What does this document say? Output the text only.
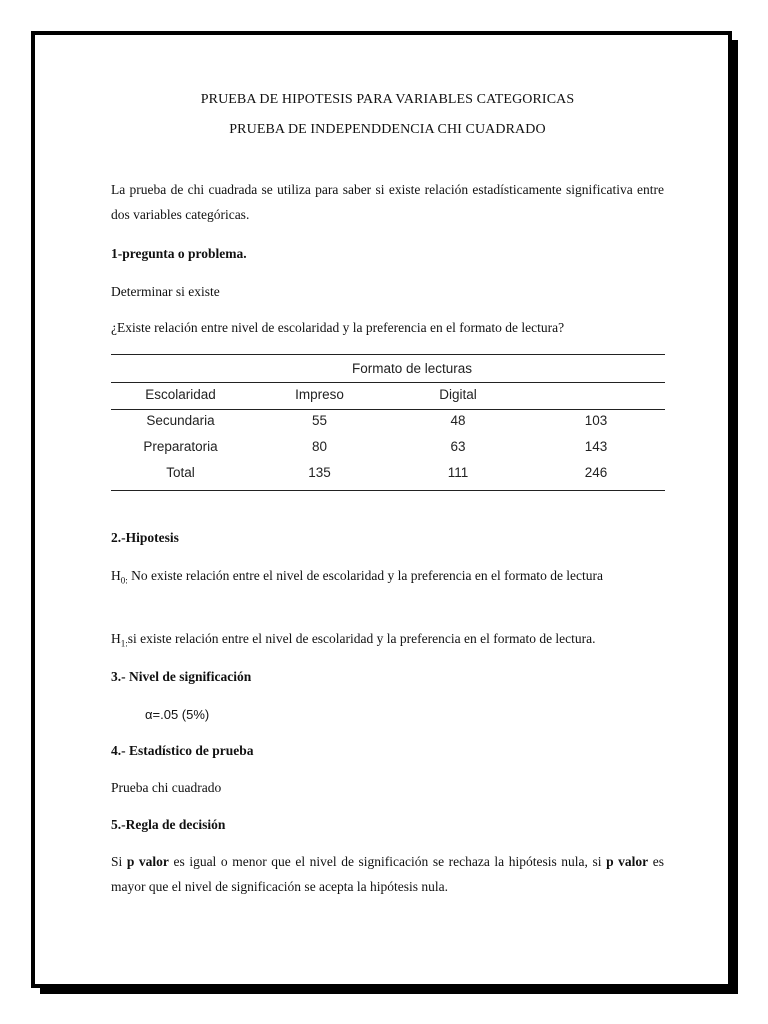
PRUEBA DE HIPOTESIS PARA VARIABLES CATEGORICAS
PRUEBA DE INDEPENDDENCIA CHI CUADRADO
La prueba de chi cuadrada se utiliza para saber si existe relación estadísticamente significativa entre dos variables categóricas.
1-pregunta o problema.
Determinar si existe
¿Existe relación entre nivel de escolaridad y la preferencia en el formato de lectura?
		Formato de lecturas	
Escolaridad	Impreso	Digital	
Secundaria	55	48	103
Preparatoria	80	63	143
Total	135	111	246
2.-Hipotesis
$H_{0:}$ No existe relación entre el nivel de escolaridad y la preferencia en el formato de lectura
$H_{1:}si$ existe relación entre el nivel de escolaridad y la preferencia en el formato de lectura.
3.- Nivel de significación
α=.05 (5%)
4.- Estadístico de prueba
Prueba chi cuadrado
5.-Regla de decisión
Si p valor es igual o menor que el nivel de significación se rechaza la hipótesis nula, si p valor es mayor que el nivel de significación se acepta la hipótesis nula.
